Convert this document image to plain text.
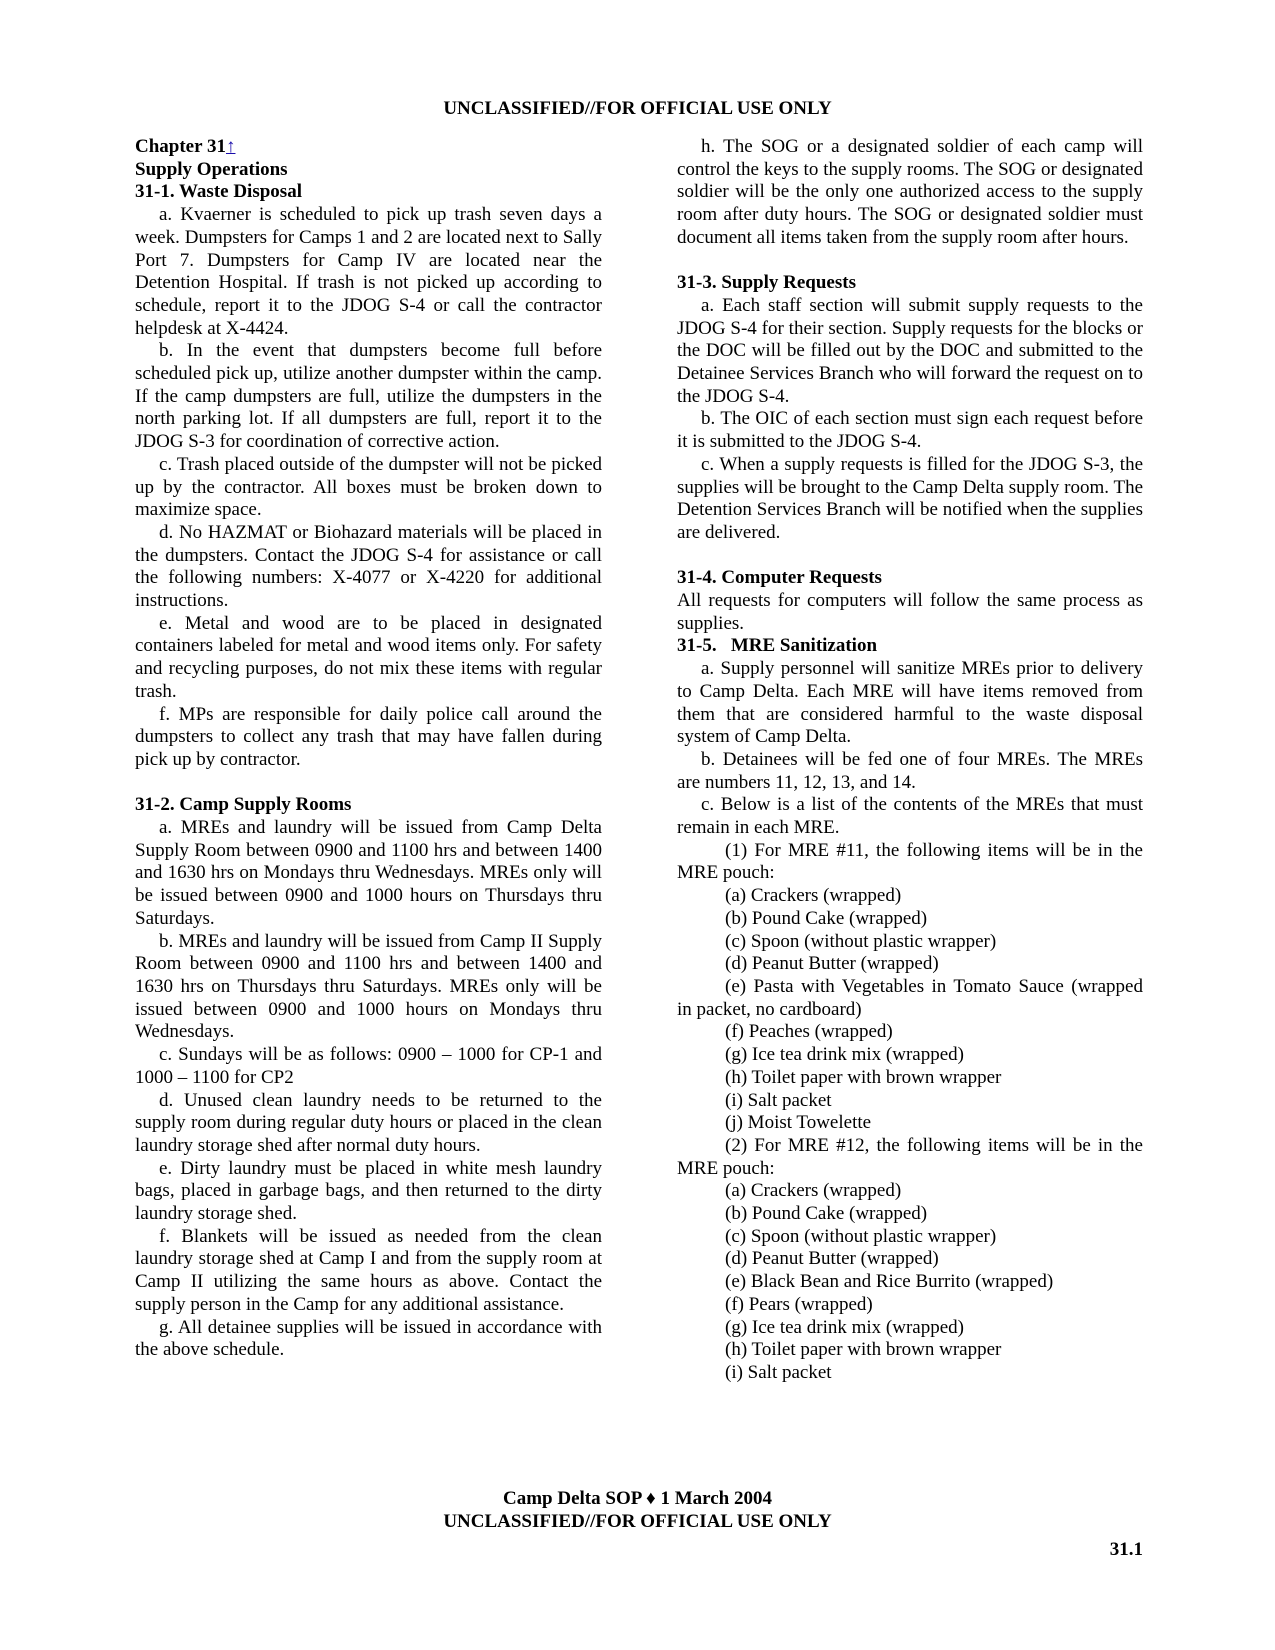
UNCLASSIFIED//FOR OFFICIAL USE ONLY

Chapter 31↑

Supply Operations

31-1. Waste Disposal

a. Kvaerner is scheduled to pick up trash seven days a week. Dumpsters for Camps 1 and 2 are located next to Sally Port 7. Dumpsters for Camp IV are located near the Detention Hospital. If trash is not picked up according to schedule, report it to the JDOG S-4 or call the contractor helpdesk at X-4424.

b. In the event that dumpsters become full before scheduled pick up, utilize another dumpster within the camp. If the camp dumpsters are full, utilize the dumpsters in the north parking lot. If all dumpsters are full, report it to the JDOG S-3 for coordination of corrective action.

c. Trash placed outside of the dumpster will not be picked up by the contractor. All boxes must be broken down to maximize space.

d. No HAZMAT or Biohazard materials will be placed in the dumpsters. Contact the JDOG S-4 for assistance or call the following numbers: X-4077 or X-4220 for additional instructions.

e. Metal and wood are to be placed in designated containers labeled for metal and wood items only. For safety and recycling purposes, do not mix these items with regular trash.

f. MPs are responsible for daily police call around the dumpsters to collect any trash that may have fallen during pick up by contractor.

31-2. Camp Supply Rooms

a. MREs and laundry will be issued from Camp Delta Supply Room between 0900 and 1100 hrs and between 1400 and 1630 hrs on Mondays thru Wednesdays. MREs only will be issued between 0900 and 1000 hours on Thursdays thru Saturdays.

b. MREs and laundry will be issued from Camp II Supply Room between 0900 and 1100 hrs and between 1400 and 1630 hrs on Thursdays thru Saturdays. MREs only will be issued between 0900 and 1000 hours on Mondays thru Wednesdays.

c. Sundays will be as follows: 0900 – 1000 for CP-1 and 1000 – 1100 for CP2

d. Unused clean laundry needs to be returned to the supply room during regular duty hours or placed in the clean laundry storage shed after normal duty hours.

e. Dirty laundry must be placed in white mesh laundry bags, placed in garbage bags, and then returned to the dirty laundry storage shed.

f. Blankets will be issued as needed from the clean laundry storage shed at Camp I and from the supply room at Camp II utilizing the same hours as above. Contact the supply person in the Camp for any additional assistance.

g. All detainee supplies will be issued in accordance with the above schedule.

h. The SOG or a designated soldier of each camp will control the keys to the supply rooms. The SOG or designated soldier will be the only one authorized access to the supply room after duty hours. The SOG or designated soldier must document all items taken from the supply room after hours.

31-3. Supply Requests

a. Each staff section will submit supply requests to the JDOG S-4 for their section. Supply requests for the blocks or the DOC will be filled out by the DOC and submitted to the Detainee Services Branch who will forward the request on to the JDOG S-4.

b. The OIC of each section must sign each request before it is submitted to the JDOG S-4.

c. When a supply requests is filled for the JDOG S-3, the supplies will be brought to the Camp Delta supply room. The Detention Services Branch will be notified when the supplies are delivered.

31-4. Computer Requests

All requests for computers will follow the same process as supplies.

31-5.   MRE Sanitization

a. Supply personnel will sanitize MREs prior to delivery to Camp Delta. Each MRE will have items removed from them that are considered harmful to the waste disposal system of Camp Delta.

b. Detainees will be fed one of four MREs. The MREs are numbers 11, 12, 13, and 14.

c. Below is a list of the contents of the MREs that must remain in each MRE.

(1) For MRE #11, the following items will be in the MRE pouch:

(a) Crackers (wrapped)

(b) Pound Cake (wrapped)

(c) Spoon (without plastic wrapper)

(d) Peanut Butter (wrapped)

(e) Pasta with Vegetables in Tomato Sauce (wrapped in packet, no cardboard)

(f) Peaches (wrapped)

(g) Ice tea drink mix (wrapped)

(h) Toilet paper with brown wrapper

(i) Salt packet

(j) Moist Towelette

(2) For MRE #12, the following items will be in the MRE pouch:

(a) Crackers (wrapped)

(b) Pound Cake (wrapped)

(c) Spoon (without plastic wrapper)

(d) Peanut Butter (wrapped)

(e) Black Bean and Rice Burrito (wrapped)

(f) Pears (wrapped)

(g) Ice tea drink mix (wrapped)

(h) Toilet paper with brown wrapper

(i) Salt packet

Camp Delta SOP ♦ 1 March 2004
UNCLASSIFIED//FOR OFFICIAL USE ONLY
31.1
